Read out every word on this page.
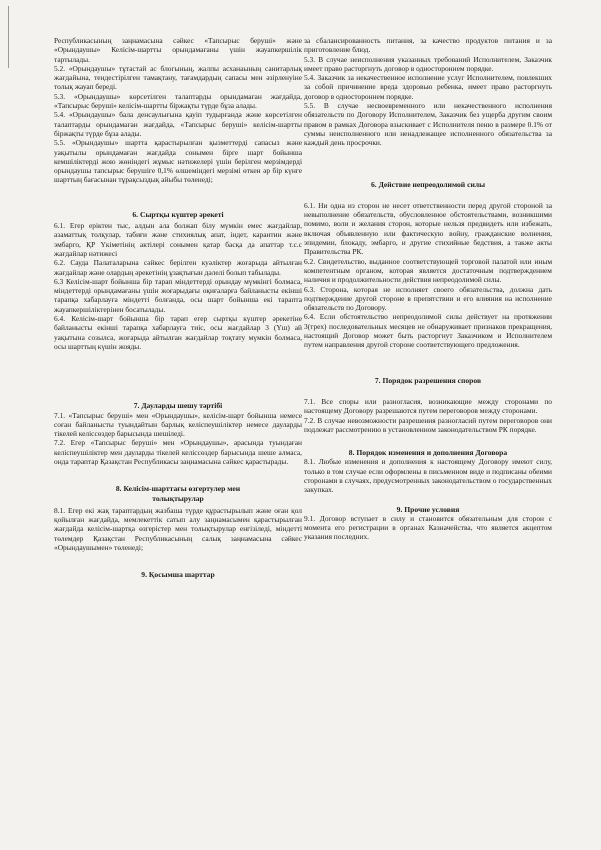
Республикасының заңнамасына сәйкес «Тапсырыс беруші» және «Орындаушы» Келісім-шартты орындамағаны үшін жауапкершілік тартылады.

5.2. «Орындаушы» тұтастай ас блогының, жалпы асханаының санитарлық жағдайына, тендестірілген тамақтану, тағамдардың сапасы мен әзірленуіне толық жауап береді.

5.3. «Орындаушы» көрсетілген талаптарды орындамаған жағдайда, «Тапсырыс беруші» келісім-шартты біржақты түрде бұза алады.

5.4. «Орындаушы» бала денсаулығына қауіп тудырғанда және көрсетілген талаптарды орындамаған жағдайда, «Тапсырыс беруші» келісім-шартты біржақты түрде бұза алады.

5.5. «Орындаушы» шартта қарастырылған қызметтерді сапасыз және уақытылы орындамаған жағдайда сонымен бірге шарт бойынша кемшіліктерді жою жөніндегі жұмыс нәтижелері үшін берілген мерзімдерді орындаушы тапсырыс берушіге 0,1% өлшеміндегі мерзімі өткен әр бір күнге шарттың бағасынан тұрақсыздық айыбы төленеді;

6. Сыртқы күштер әрекеті

6.1. Егер еріктен тыс, алдын ала болжап білу мүмкін емес жағдайлар, азаматтық толқулар, табиғи және стихиялық апат, індет, карантин және эмбарго, ҚР Үкіметінің актілері сонымен қатар басқа да апаттар т.с.с жағдайлар нәтижесі

6.2. Сауда Палаталарына сәйкес берілген куәліктер жоғарыда айтылған жағдайлар және олардың әрекетінің ұзақтығын дәлелі болып табылады.

6.3 Келісім-шарт бойынша бір тарап міндеттерді орындау мүмкінгі болмаса, міндеттерді орындамағаны үшін жоғарыдағы оқиғаларға байланысты екінші тарапқа хабарлауға міндетті болғанда, осы шарт бойынша екі тарапта жауапкершіліктерінен босатылады.

6.4. Келісім-шарт бойынша бір тарап егер сыртқы күштер әрекетіне байланысты екінші тарапқа хабарлауға тиіс, осы жағдайлар 3 (Үш) ай уақытына созылса, жоғарыда айтылған жағдайлар тоқтату мүмкін болмаса, осы шарттың күшін жояды.

7. Дауларды шешу тәртібі

7.1. «Тапсырыс беруші» мен «Орындаушы», келісім-шарт бойынша немесе соған байланысты туындайтын барлық келіспеушіліктер немесе дауларды тікелей келіссөздер барысында шешіледі.

7.2. Егер «Тапсырыс беруші» мен «Орындаушы», арасында туындаған келіспеушіліктер мен дауларды тікелей келіссөздер барысында шеше алмаса, онда тараптар Қазақстан Республикасы заңнамасына сәйкес қарастырады.

8. Келісім-шарттағы өзгертулер мен
толықтырулар

8.1. Егер екі жақ тараптардың жазбаша түрде құрастырылып және оған қол қойылған жағдайда, мемлекеттік сатып алу заңнамасымен қарастырылған жағдайда келісім-шартқа өзгерістер мен толықтырулар енгізіледі, міндетті төлемдер Қазақстан Республикасының салық заңнамасына сәйкес «Орындаушымен» төленеді;

9. Қосымша шарттар

за сбалансированность питания, за качество продуктов питания и за приготовление блюд.

5.3. В случае неисполнения указанных требований Исполнителем, Заказчик имеет право расторгнуть договор в одностороннем порядке.

5.4. Заказчик за некачественное исполнение услуг Исполнителем, повлекших за собой причинение вреда здоровью ребенка, имеет право расторгнуть договор в одностороннем порядке.

5.5. В случае несвоевременного или некачественного исполнения обязательств по Договору Исполнителем, Заказчик без ущерба другим своим правом в рамках Договора взыскивает с Исполнителя пеню в размере 0.1% от суммы неисполненного или ненадлежащее исполненного обязательства за каждый день просрочки.

6. Действие непреодолимой силы

6.1. Ни одна из сторон не несет ответственности перед другой стороной за невыполнение обязательств, обусловленное обстоятельствами, возникшими помимо, воли и желания сторон, которые нельзя предвидеть или избежать, включая объявленную или фактическую войну, гражданские волнения, эпидемии, блокаду, эмбарго, и другие стихийные бедствия, а также акты Правительства РК.

6.2. Свидетельство, выданное соответствующей торговой палатой или иным компетентным органом, которая является достаточным подтверждением наличия и продолжительности действия непреодолимой силы.

6.3. Сторона, которая не исполняет своего обязательства, должна дать подтверждение другой стороне в препятствии и его влияния на исполнение обязательств по Договору.

6.4. Если обстоятельство непреодолимой силы действует на протяжении 3(трех) последовательных месяцев не обнаруживает признаков прекращения, настоящий Договор может быть расторгнут Заказчиком и Исполнителем путем направления другой стороне соответствующего предложения.

7. Порядок разрешения споров

7.1. Все споры или разногласия, возникающие между сторонами по настоящему Договору разрешаются путем переговоров между сторонами.

7.2. В случае невозможности разрешения разногласий путем переговоров они подлежат рассмотрению в установленном законодательством РК порядке.

8. Порядок изменения и дополнения Договора

8.1. Любые изменения и дополнения к настоящему Договору имеют силу, только в том случае если оформлены в письменном виде и подписаны обеими сторонами в случаях, предусмотренных законодательством о государственных закупках.

9. Прочие условия

9.1. Договор вступает в силу и становится обязательным для сторон с момента его регистрации в органах Казначейства, что является акцептом указания последних.
